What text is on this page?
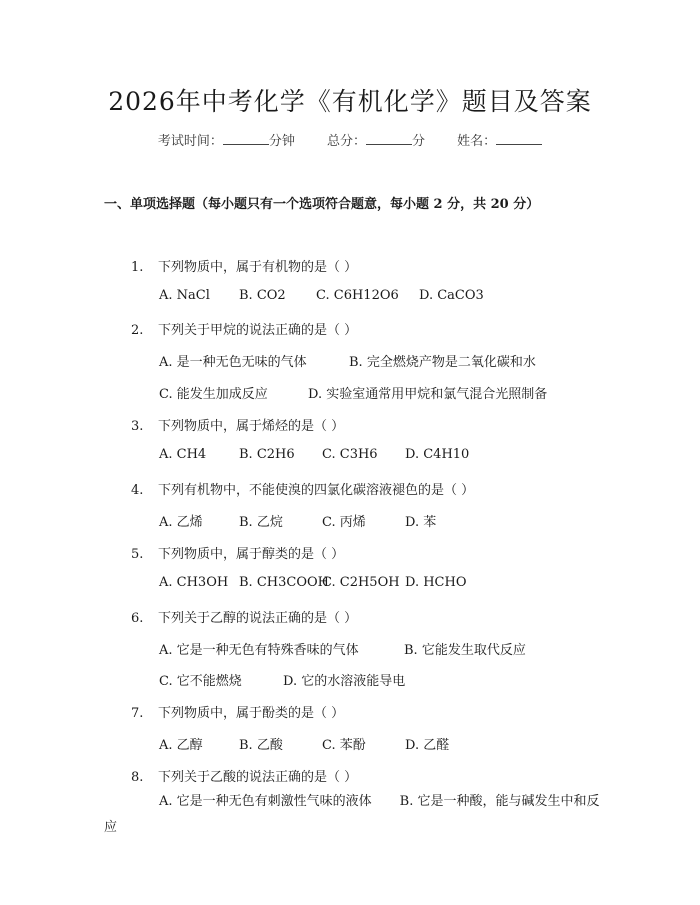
2026年中考化学《有机化学》题目及答案
考试时间：	分钟 总分：	分 姓名：
一、单项选择题（每小题只有一个选项符合题意，每小题 2 分，共 20 分）
1. 下列物质中，属于有机物的是（ ）
A. NaCl B. CO2 C. C6H12O6 D. CaCO3
2. 下列关于甲烷的说法正确的是（ ）
A. 是一种无色无味的气体	B. 完全燃烧产物是二氧化碳和水
C. 能发生加成反应	D. 实验室通常用甲烷和氯气混合光照制备
3. 下列物质中，属于烯烃的是（ ）
A. CH4	B. C2H6 C. C3H6 D. C4H10
4. 下列有机物中，不能使溴的四氯化碳溶液褪色的是（ ）
A. 乙烯	B. 乙烷	C. 丙烯	D. 苯
5. 下列物质中，属于醇类的是（ ）
A. CH3OH B. CH3COOHC. C2H5OH D. HCHO
6. 下列关于乙醇的说法正确的是（ ）
A. 它是一种无色有特殊香味的气体	B. 它能发生取代反应
C. 它不能燃烧	D. 它的水溶液能导电
7. 下列物质中，属于酚类的是（ ）
A. 乙醇	B. 乙酸	C. 苯酚	D. 乙醛
8. 下列关于乙酸的说法正确的是（ ）
A. 它是一种无色有刺激性气味的液体 B. 它是一种酸，能与碱发生中和反应
